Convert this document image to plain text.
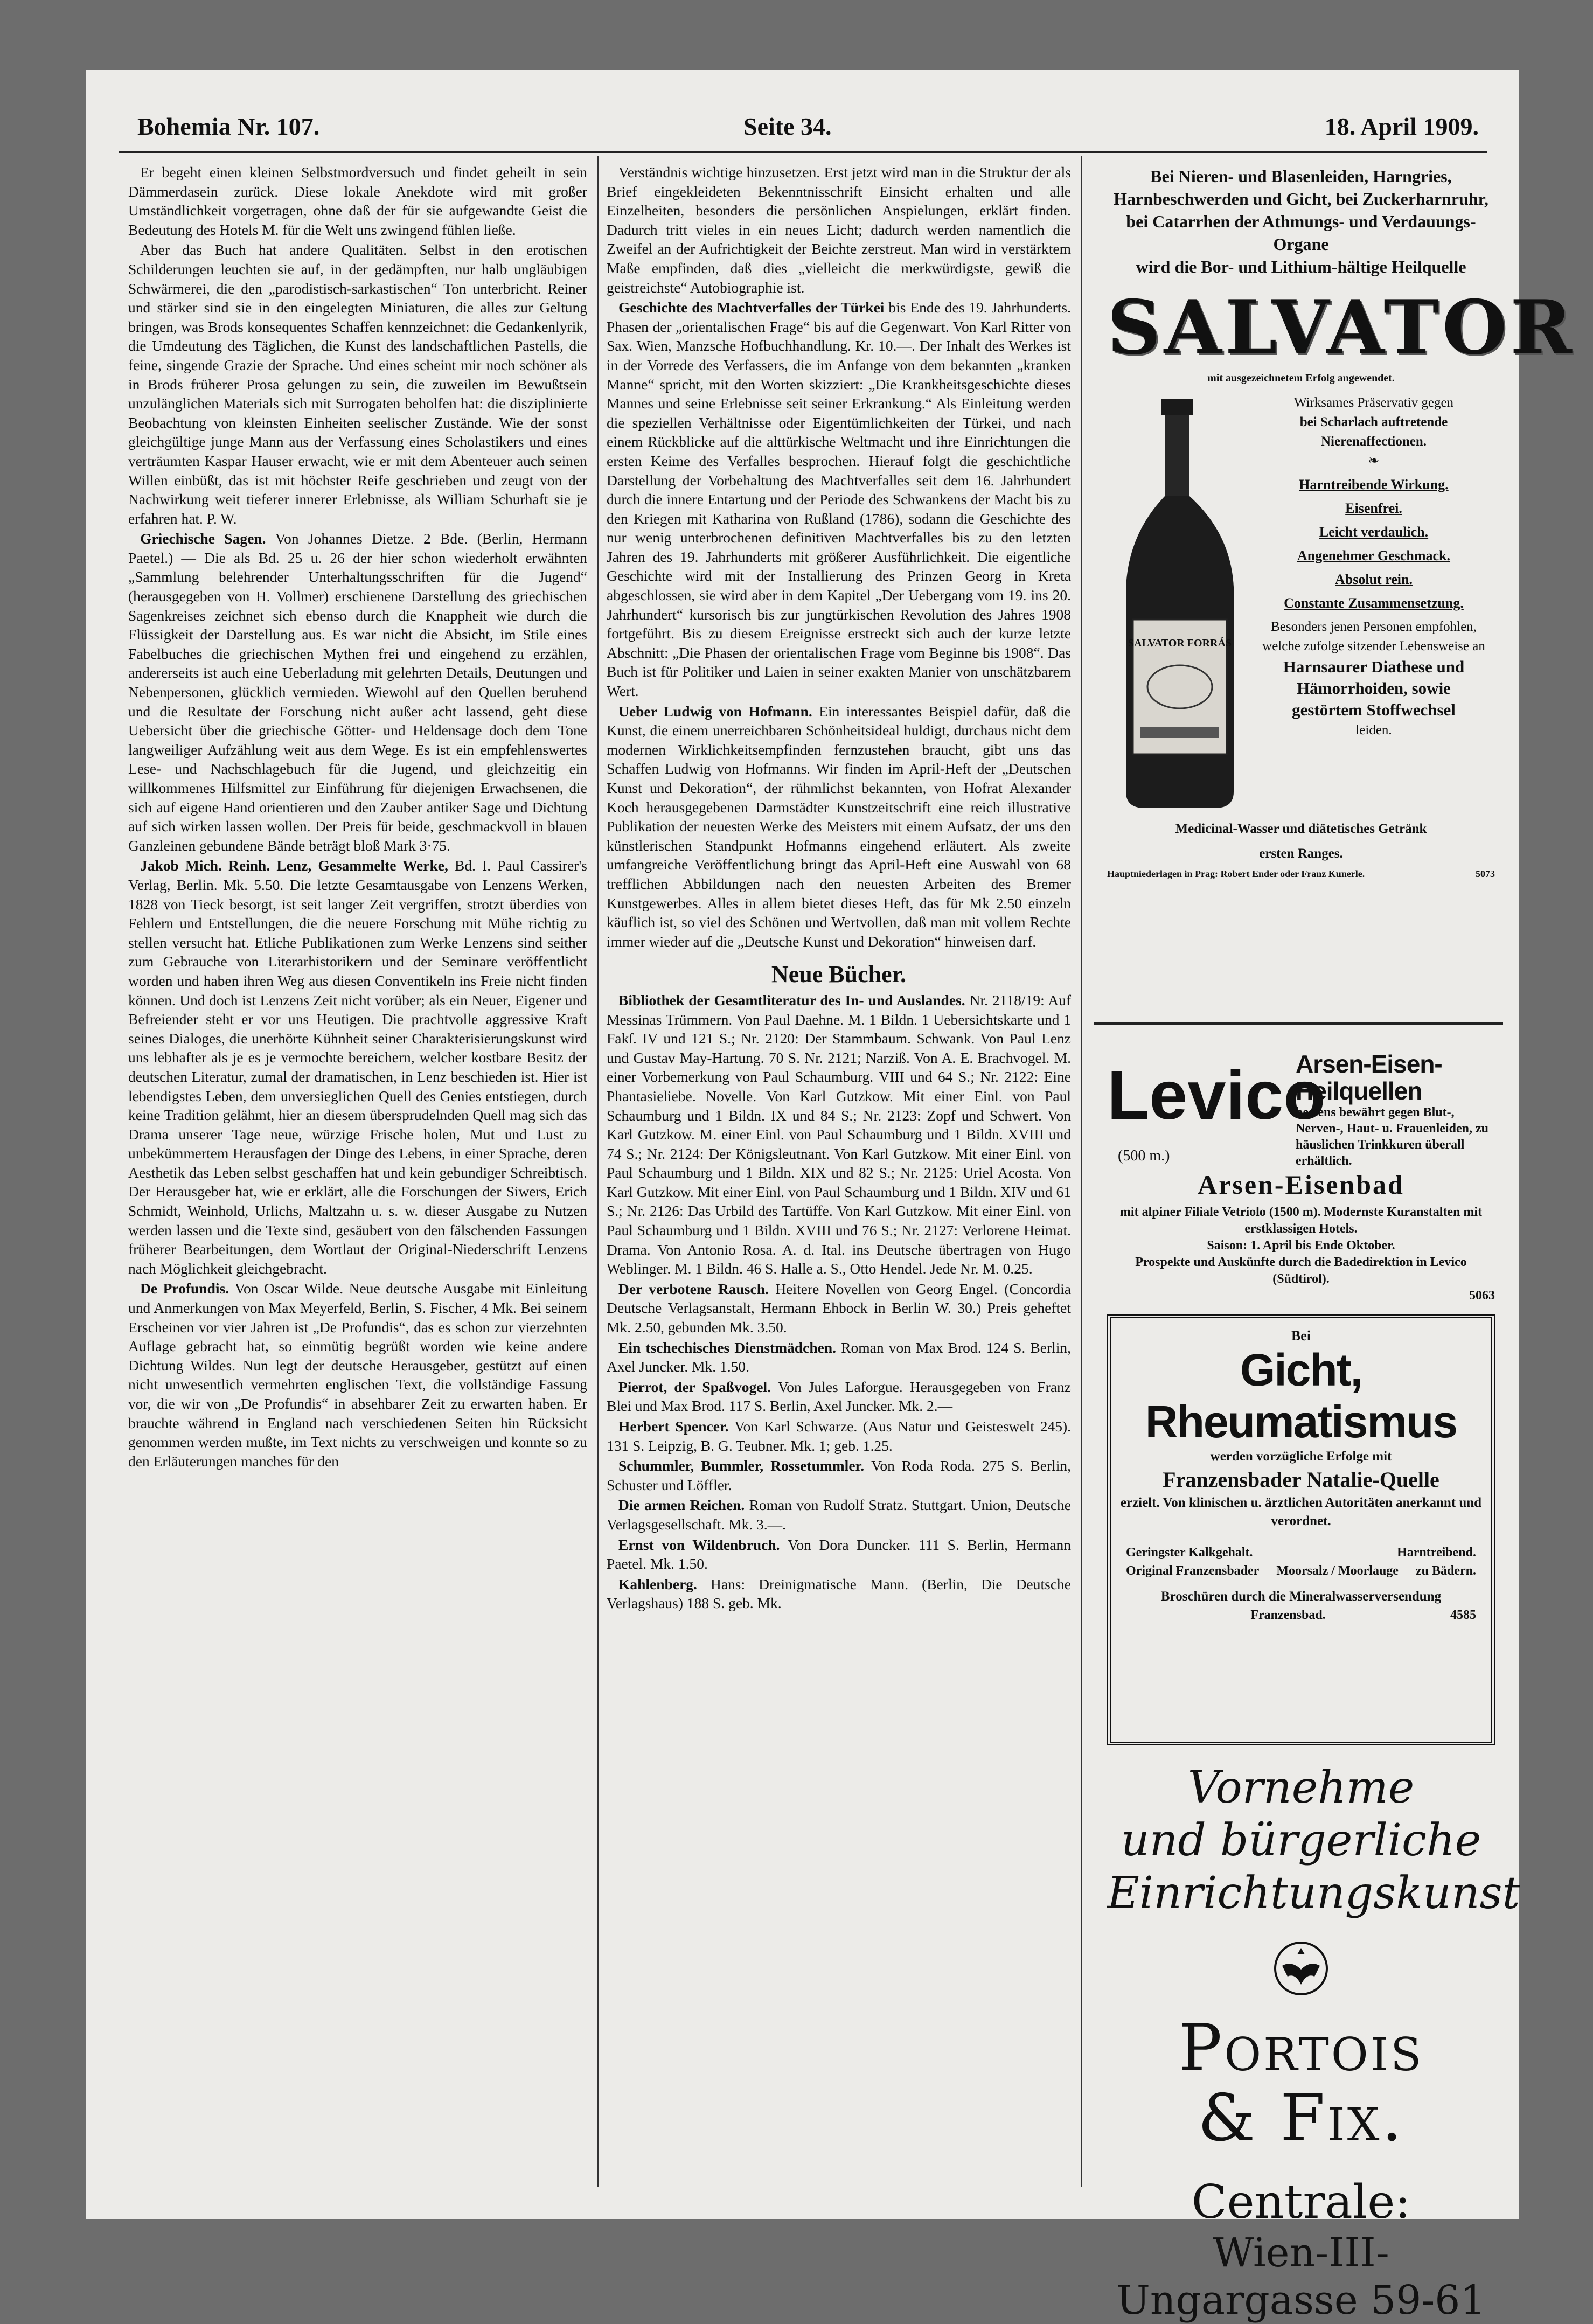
Bohemia Nr. 107.	Seite 34.	18. April 1909.

Er begeht einen kleinen Selbstmordversuch und findet geheilt in sein Dämmerdasein zurück. Diese lokale Anekdote wird mit großer Umständlichkeit vorgetragen, ohne daß der für sie aufgewandte Geist die Bedeutung des Hotels M. für die Welt uns zwingend fühlen ließe.

Aber das Buch hat andere Qualitäten. Selbst in den erotischen Schilderungen leuchten sie auf, in der gedämpften, nur halb ungläubigen Schwärmerei, die den „parodistisch-sarkastischen“ Ton unterbricht. Reiner und stärker sind sie in den eingelegten Miniaturen, die alles zur Geltung bringen, was Brods konsequentes Schaffen kennzeichnet: die Gedankenlyrik, die Umdeutung des Täglichen, die Kunst des landschaftlichen Pastells, die feine, singende Grazie der Sprache. Und eines scheint mir noch schöner als in Brods früherer Prosa gelungen zu sein, die zuweilen im Bewußtsein unzulänglichen Materials sich mit Surrogaten beholfen hat: die disziplinierte Beobachtung von kleinsten Einheiten seelischer Zustände. Wie der sonst gleichgültige junge Mann aus der Verfassung eines Scholastikers und eines verträumten Kaspar Hauser erwacht, wie er mit dem Abenteuer auch seinen Willen einbüßt, das ist mit höchster Reife geschrieben und zeugt von der Nachwirkung weit tieferer innerer Erlebnisse, als William Schurhaft sie je erfahren hat. P. W.

Griechische Sagen. Von Johannes Dietze. 2 Bde. (Berlin, Hermann Paetel.) — Die als Bd. 25 u. 26 der hier schon wiederholt erwähnten „Sammlung belehrender Unterhaltungsschriften für die Jugend“ (herausgegeben von H. Vollmer) erschienene Darstellung des griechischen Sagenkreises zeichnet sich ebenso durch die Knappheit wie durch die Flüssigkeit der Darstellung aus. Es war nicht die Absicht, im Stile eines Fabelbuches die griechischen Mythen frei und eingehend zu erzählen, andererseits ist auch eine Ueberladung mit gelehrten Details, Deutungen und Nebenpersonen, glücklich vermieden. Wiewohl auf den Quellen beruhend und die Resultate der Forschung nicht außer acht lassend, geht diese Uebersicht über die griechische Götter- und Heldensage doch dem Tone langweiliger Aufzählung weit aus dem Wege. Es ist ein empfehlenswertes Lese- und Nachschlagebuch für die Jugend, und gleichzeitig ein willkommenes Hilfsmittel zur Einführung für diejenigen Erwachsenen, die sich auf eigene Hand orientieren und den Zauber antiker Sage und Dichtung auf sich wirken lassen wollen. Der Preis für beide, geschmackvoll in blauen Ganzleinen gebundene Bände beträgt bloß Mark 3·75.

Jakob Mich. Reinh. Lenz, Gesammelte Werke, Bd. I. Paul Cassirer's Verlag, Berlin. Mk. 5.50. Die letzte Gesamtausgabe von Lenzens Werken, 1828 von Tieck besorgt, ist seit langer Zeit vergriffen, strotzt überdies von Fehlern und Entstellungen, die die neuere Forschung mit Mühe richtig zu stellen versucht hat. Etliche Publikationen zum Werke Lenzens sind seither zum Gebrauche von Literarhistorikern und der Seminare veröffentlicht worden und haben ihren Weg aus diesen Conventikeln ins Freie nicht finden können. Und doch ist Lenzens Zeit nicht vorüber; als ein Neuer, Eigener und Befreiender steht er vor uns Heutigen. Die prachtvolle aggressive Kraft seines Dialoges, die unerhörte Kühnheit seiner Charakterisierungskunst wird uns lebhafter als je es je vermochte bereichern, welcher kostbare Besitz der deutschen Literatur, zumal der dramatischen, in Lenz beschieden ist. Hier ist lebendigstes Leben, dem unversieglichen Quell des Genies entstiegen, durch keine Tradition gelähmt, hier an diesem übersprudelnden Quell mag sich das Drama unserer Tage neue, würzige Frische holen, Mut und Lust zu unbekümmertem Herausfagen der Dinge des Lebens, in einer Sprache, deren Aesthetik das Leben selbst geschaffen hat und kein gebundiger Schreibtisch. Der Herausgeber hat, wie er erklärt, alle die Forschungen der Siwers, Erich Schmidt, Weinhold, Urlichs, Maltzahn u. s. w. dieser Ausgabe zu Nutzen werden lassen und die Texte sind, gesäubert von den fälschenden Fassungen früherer Bearbeitungen, dem Wortlaut der Original-Niederschrift Lenzens nach Möglichkeit gleichgebracht.

De Profundis. Von Oscar Wilde. Neue deutsche Ausgabe mit Einleitung und Anmerkungen von Max Meyerfeld, Berlin, S. Fischer, 4 Mk. Bei seinem Erscheinen vor vier Jahren ist „De Profundis“, das es schon zur vierzehnten Auflage gebracht hat, so einmütig begrüßt worden wie keine andere Dichtung Wildes. Nun legt der deutsche Herausgeber, gestützt auf einen nicht unwesentlich vermehrten englischen Text, die vollständige Fassung vor, die wir von „De Profundis“ in absehbarer Zeit zu erwarten haben. Er brauchte während in England nach verschiedenen Seiten hin Rücksicht genommen werden mußte, im Text nichts zu verschweigen und konnte so zu den Erläuterungen manches für den

Verständnis wichtige hinzusetzen. Erst jetzt wird man in die Struktur der als Brief eingekleideten Bekenntnisschrift Einsicht erhalten und alle Einzelheiten, besonders die persönlichen Anspielungen, erklärt finden. Dadurch tritt vieles in ein neues Licht; dadurch werden namentlich die Zweifel an der Aufrichtigkeit der Beichte zerstreut. Man wird in verstärktem Maße empfinden, daß dies „vielleicht die merkwürdigste, gewiß die geistreichste“ Autobiographie ist.

Geschichte des Machtverfalles der Türkei bis Ende des 19. Jahrhunderts. Phasen der „orientalischen Frage“ bis auf die Gegenwart. Von Karl Ritter von Sax. Wien, Manzsche Hofbuchhandlung. Kr. 10.—. Der Inhalt des Werkes ist in der Vorrede des Verfassers, die im Anfange von dem bekannten „kranken Manne“ spricht, mit den Worten skizziert: „Die Krankheitsgeschichte dieses Mannes und seine Erlebnisse seit seiner Erkrankung.“ Als Einleitung werden die speziellen Verhältnisse oder Eigentümlichkeiten der Türkei, und nach einem Rückblicke auf die alttürkische Weltmacht und ihre Einrichtungen die ersten Keime des Verfalles besprochen. Hierauf folgt die geschichtliche Darstellung der Vorbehaltung des Machtverfalles seit dem 16. Jahrhundert durch die innere Entartung und der Periode des Schwankens der Macht bis zu den Kriegen mit Katharina von Rußland (1786), sodann die Geschichte des nur wenig unterbrochenen definitiven Machtverfalles bis zu den letzten Jahren des 19. Jahrhunderts mit größerer Ausführlichkeit. Die eigentliche Geschichte wird mit der Installierung des Prinzen Georg in Kreta abgeschlossen, sie wird aber in dem Kapitel „Der Uebergang vom 19. ins 20. Jahrhundert“ kursorisch bis zur jungtürkischen Revolution des Jahres 1908 fortgeführt. Bis zu diesem Ereignisse erstreckt sich auch der kurze letzte Abschnitt: „Die Phasen der orientalischen Frage vom Beginne bis 1908“. Das Buch ist für Politiker und Laien in seiner exakten Manier von unschätzbarem Wert.

Ueber Ludwig von Hofmann. Ein interessantes Beispiel dafür, daß die Kunst, die einem unerreichbaren Schönheitsideal huldigt, durchaus nicht dem modernen Wirklichkeitsempfinden fernzustehen braucht, gibt uns das Schaffen Ludwig von Hofmanns. Wir finden im April-Heft der „Deutschen Kunst und Dekoration“, der rühmlichst bekannten, von Hofrat Alexander Koch herausgegebenen Darmstädter Kunstzeitschrift eine reich illustrative Publikation der neuesten Werke des Meisters mit einem Aufsatz, der uns den künstlerischen Standpunkt Hofmanns eingehend erläutert. Als zweite umfangreiche Veröffentlichung bringt das April-Heft eine Auswahl von 68 trefflichen Abbildungen nach den neuesten Arbeiten des Bremer Kunstgewerbes. Alles in allem bietet dieses Heft, das für Mk 2.50 einzeln käuflich ist, so viel des Schönen und Wertvollen, daß man mit vollem Rechte immer wieder auf die „Deutsche Kunst und Dekoration“ hinweisen darf.

Neue Bücher.

Bibliothek der Gesamtliteratur des In- und Auslandes. Nr. 2118/19: Auf Messinas Trümmern. Von Paul Daehne. M. 1 Bildn. 1 Uebersichtskarte und 1 Fakſ. IV und 121 S.; Nr. 2120: Der Stammbaum. Schwank. Von Paul Lenz und Gustav May-Hartung. 70 S. Nr. 2121; Narziß. Von A. E. Brachvogel. M. einer Vorbemerkung von Paul Schaumburg. VIII und 64 S.; Nr. 2122: Eine Phantasieliebe. Novelle. Von Karl Gutzkow. Mit einer Einl. von Paul Schaumburg und 1 Bildn. IX und 84 S.; Nr. 2123: Zopf und Schwert. Von Karl Gutzkow. M. einer Einl. von Paul Schaumburg und 1 Bildn. XVIII und 74 S.; Nr. 2124: Der Königsleutnant. Von Karl Gutzkow. Mit einer Einl. von Paul Schaumburg und 1 Bildn. XIX und 82 S.; Nr. 2125: Uriel Acosta. Von Karl Gutzkow. Mit einer Einl. von Paul Schaumburg und 1 Bildn. XIV und 61 S.; Nr. 2126: Das Urbild des Tartüffe. Von Karl Gutzkow. Mit einer Einl. von Paul Schaumburg und 1 Bildn. XVIII und 76 S.; Nr. 2127: Verlorene Heimat. Drama. Von Antonio Rosa. A. d. Ital. ins Deutsche übertragen von Hugo Weblinger. M. 1 Bildn. 46 S. Halle a. S., Otto Hendel. Jede Nr. M. 0.25.

Der verbotene Rausch. Heitere Novellen von Georg Engel. (Concordia Deutsche Verlagsanstalt, Hermann Ehbock in Berlin W. 30.) Preis geheftet Mk. 2.50, gebunden Mk. 3.50.

Ein tschechisches Dienstmädchen. Roman von Max Brod. 124 S. Berlin, Axel Juncker. Mk. 1.50.

Pierrot, der Spaßvogel. Von Jules Laforgue. Herausgegeben von Franz Blei und Max Brod. 117 S. Berlin, Axel Juncker. Mk. 2.—

Herbert Spencer. Von Karl Schwarze. (Aus Natur und Geisteswelt 245). 131 S. Leipzig, B. G. Teubner. Mk. 1; geb. 1.25.

Schummler, Bummler, Rossetummler. Von Roda Roda. 275 S. Berlin, Schuster und Löffler.

Die armen Reichen. Roman von Rudolf Stratz. Stuttgart. Union, Deutsche Verlagsgesellschaft. Mk. 3.—.

Ernst von Wildenbruch. Von Dora Duncker. 111 S. Berlin, Hermann Paetel. Mk. 1.50.

Kahlenberg. Hans: Dreinigmatische Mann. (Berlin, Die Deutsche Verlagshaus) 188 S. geb. Mk.

Bei Nieren- und Blasenleiden, Harngries,
Harnbeschwerden und Gicht, bei Zuckerharnruhr, bei Catarrhen der Athmungs- und Verdauungs-Organe
wird die Bor- und Lithium-hältige Heilquelle
SALVATOR
mit ausgezeichnetem Erfolg angewendet.
SALVATOR FORRÁS
Wirksames Präservativ gegen
bei Scharlach auftretende
Nierenaffectionen.
❧
Harntreibende Wirkung.
Eisenfrei.
Leicht verdaulich.
Angenehmer Geschmack.
Absolut rein.
Constante Zusammensetzung.
Besonders jenen Personen empfohlen, welche zufolge sitzender Lebensweise an
Harnsaurer Diathese und
Hämorrhoiden, sowie
gestörtem Stoffwechsel
leiden.
Medicinal-Wasser und diätetisches Getränk
ersten Ranges.
Hauptniederlagen in Prag: Robert Ender oder Franz Kunerle.	5073
Levico
(500 m.)
Arsen-Eisen-Heilquellen
bestens bewährt gegen Blut-, Nerven-, Haut- u. Frauenleiden, zu häuslichen Trinkkuren überall erhältlich.
Arsen-Eisenbad
mit alpiner Filiale Vetriolo (1500 m). Modernste Kuranstalten mit erstklassigen Hotels.
Saison: 1. April bis Ende Oktober.
Prospekte und Auskünfte durch die Badedirektion in Levico (Südtirol).
5063
Bei
Gicht, Rheumatismus
werden vorzügliche Erfolge mit
Franzensbader Natalie-Quelle
erzielt. Von klinischen u. ärztlichen Autoritäten anerkannt und verordnet.
Geringster Kalkgehalt.	Harntreibend.
Original Franzensbader Moorsalz / Moorlauge zu Bädern.
Broschüren durch die Mineralwasserversendung
Franzensbad.	4585
Vornehme
und bürgerliche
Einrichtungskunst
Portois
& Fix.
Centrale:
Wien-III-Ungargasse 59-61
